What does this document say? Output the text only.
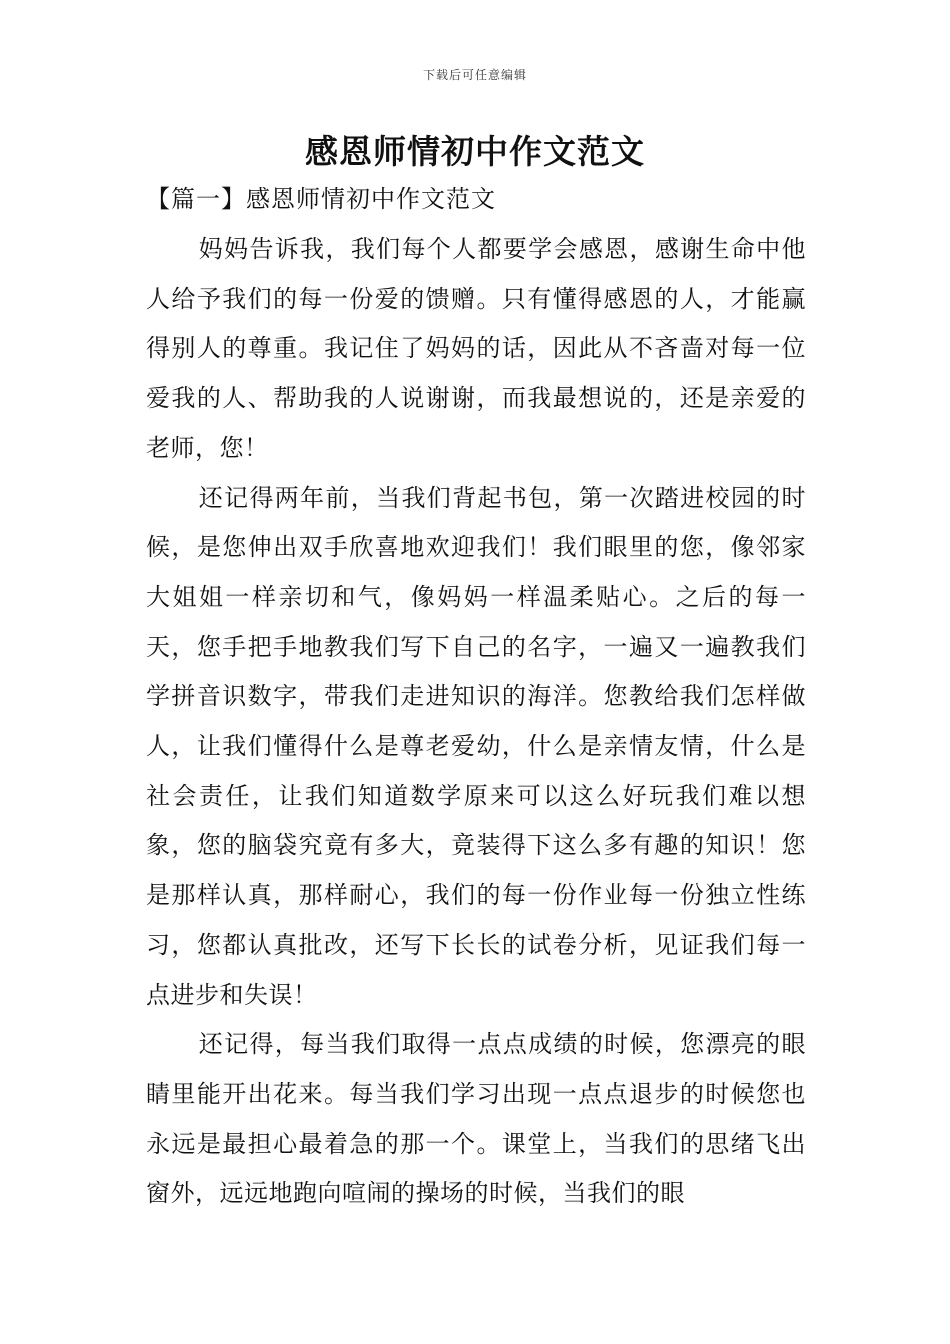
下载后可任意编辑
感恩师情初中作文范文
【篇一】感恩师情初中作文范文

妈妈告诉我，我们每个人都要学会感恩，感谢生命中他人给予我们的每一份爱的馈赠。只有懂得感恩的人，才能赢得别人的尊重。我记住了妈妈的话，因此从不吝啬对每一位爱我的人、帮助我的人说谢谢，而我最想说的，还是亲爱的老师，您！

还记得两年前，当我们背起书包，第一次踏进校园的时候，是您伸出双手欣喜地欢迎我们！我们眼里的您，像邻家大姐姐一样亲切和气，像妈妈一样温柔贴心。之后的每一天，您手把手地教我们写下自己的名字，一遍又一遍教我们学拼音识数字，带我们走进知识的海洋。您教给我们怎样做人，让我们懂得什么是尊老爱幼，什么是亲情友情，什么是社会责任，让我们知道数学原来可以这么好玩我们难以想象，您的脑袋究竟有多大，竟装得下这么多有趣的知识！您是那样认真，那样耐心，我们的每一份作业每一份独立性练习，您都认真批改，还写下长长的试卷分析，见证我们每一点进步和失误！

还记得，每当我们取得一点点成绩的时候，您漂亮的眼睛里能开出花来。每当我们学习出现一点点退步的时候您也永远是最担心最着急的那一个。课堂上，当我们的思绪飞出窗外，远远地跑向喧闹的操场的时候，当我们的眼
